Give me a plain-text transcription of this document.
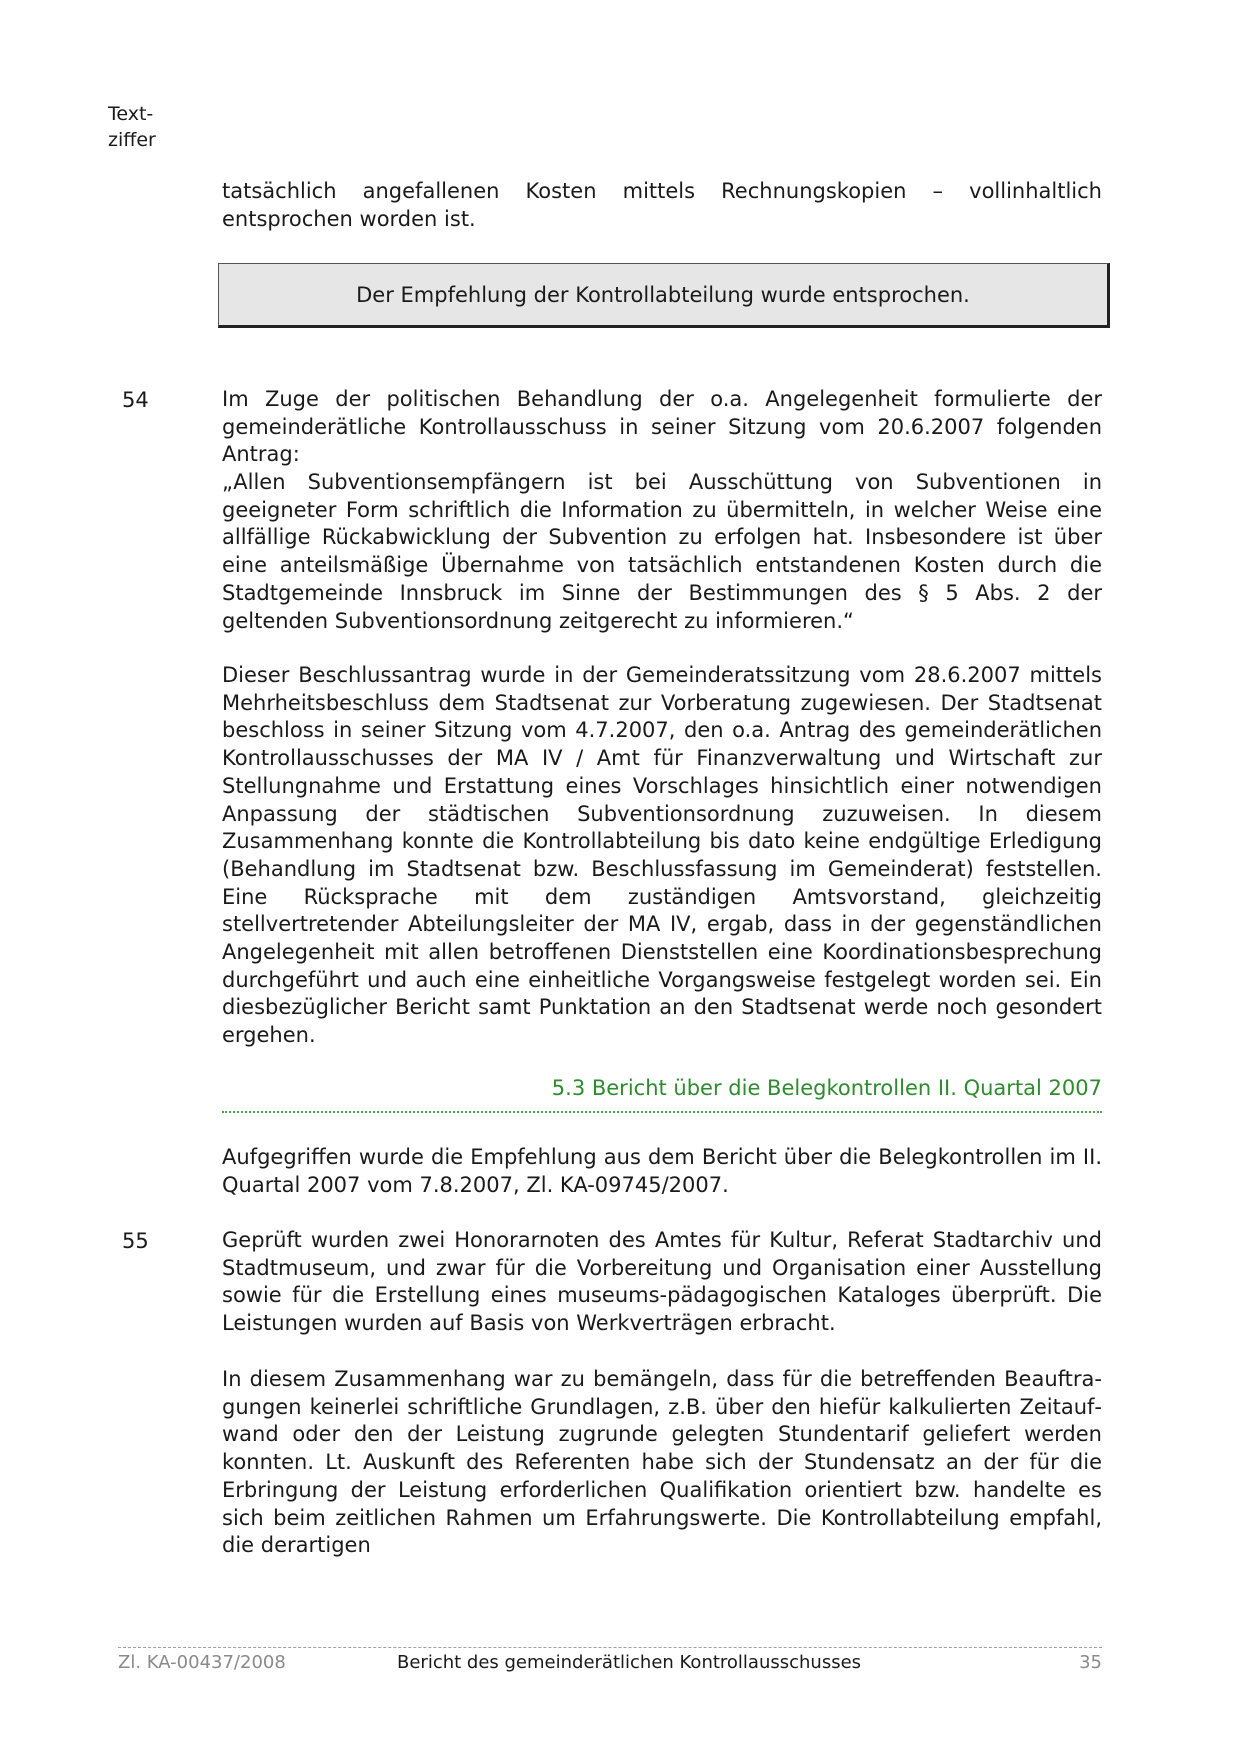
Text-
ziffer

tatsächlich angefallenen Kosten mittels Rechnungskopien – vollinhaltlich entsprochen worden ist.

Der Empfehlung der Kontrollabteilung wurde entsprochen.
54	Im Zuge der politischen Behandlung der o.a. Angelegenheit formulierte der gemeinderätliche Kontrollausschuss in seiner Sitzung vom 20.6.2007 folgenden Antrag:

„Allen Subventionsempfängern ist bei Ausschüttung von Subventionen in geeigneter Form schriftlich die Information zu übermitteln, in welcher Weise eine allfällige Rückabwicklung der Subvention zu erfolgen hat. Insbesondere ist über eine anteilsmäßige Übernahme von tatsächlich entstandenen Kosten durch die Stadtgemeinde Innsbruck im Sinne der Bestimmungen des § 5 Abs. 2 der geltenden Subventionsordnung zeitgerecht zu informieren.“

Dieser Beschlussantrag wurde in der Gemeinderatssitzung vom 28.6.2007 mittels Mehrheitsbeschluss dem Stadtsenat zur Vorberatung zugewiesen. Der Stadtsenat beschloss in seiner Sitzung vom 4.7.2007, den o.a. Antrag des gemeinderätlichen Kontrollausschusses der MA IV / Amt für Finanzverwaltung und Wirtschaft zur Stellungnahme und Erstattung eines Vorschlages hinsichtlich einer notwendigen Anpassung der städtischen Subventionsordnung zuzuweisen. In diesem Zusammenhang konnte die Kontrollabteilung bis dato keine endgültige Erledigung (Behandlung im Stadtsenat bzw. Beschlussfassung im Gemeinderat) feststellen. Eine Rücksprache mit dem zuständigen Amtsvorstand, gleichzeitig stellvertretender Abteilungsleiter der MA IV, ergab, dass in der gegenständlichen Angelegenheit mit allen betroffenen Dienststellen eine Koordinationsbesprechung durchgeführt und auch eine einheitliche Vorgangsweise festgelegt worden sei. Ein diesbezüglicher Bericht samt Punktation an den Stadtsenat werde noch gesondert ergehen.

5.3 Bericht über die Belegkontrollen II. Quartal 2007

Aufgegriffen wurde die Empfehlung aus dem Bericht über die Belegkontrollen im II. Quartal 2007 vom 7.8.2007, Zl. KA-09745/2007.

55	Geprüft wurden zwei Honorarnoten des Amtes für Kultur, Referat Stadtarchiv und Stadtmuseum, und zwar für die Vorbereitung und Organisation einer Ausstellung sowie für die Erstellung eines museums-pädagogischen Kataloges überprüft. Die Leistungen wurden auf Basis von Werkverträgen erbracht.

In diesem Zusammenhang war zu bemängeln, dass für die betreffenden Beauftragungen keinerlei schriftliche Grundlagen, z.B. über den hiefür kalkulierten Zeitaufwand oder den der Leistung zugrunde gelegten Stundentarif geliefert werden konnten. Lt. Auskunft des Referenten habe sich der Stundensatz an der für die Erbringung der Leistung erforderlichen Qualifikation orientiert bzw. handelte es sich beim zeitlichen Rahmen um Erfahrungswerte. Die Kontrollabteilung empfahl, die derartigen

Zl. KA-00437/2008	Bericht des gemeinderätlichen Kontrollausschusses	35
